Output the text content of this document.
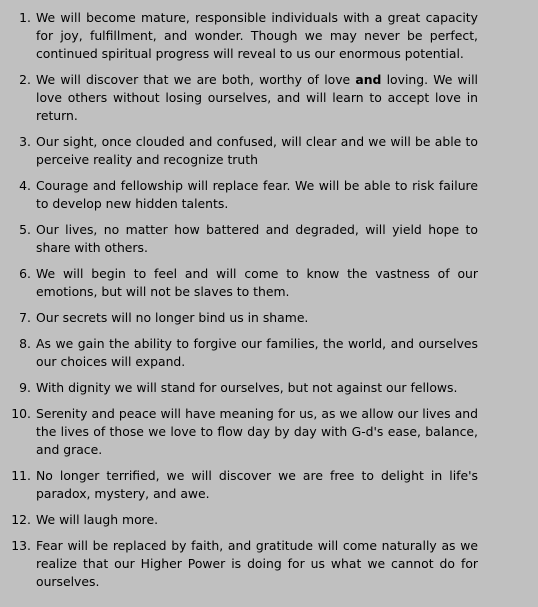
1. We will become mature, responsible individuals with a great capacity for joy, fulfillment, and wonder. Though we may never be perfect, continued spiritual progress will reveal to us our enormous potential.
2. We will discover that we are both, worthy of love and loving. We will love others without losing ourselves, and will learn to accept love in return.
3. Our sight, once clouded and confused, will clear and we will be able to perceive reality and recognize truth
4. Courage and fellowship will replace fear. We will be able to risk failure to develop new hidden talents.
5. Our lives, no matter how battered and degraded, will yield hope to share with others.
6. We will begin to feel and will come to know the vastness of our emotions, but will not be slaves to them.
7. Our secrets will no longer bind us in shame.
8. As we gain the ability to forgive our families, the world, and ourselves our choices will expand.
9. With dignity we will stand for ourselves, but not against our fellows.
10. Serenity and peace will have meaning for us, as we allow our lives and the lives of those we love to flow day by day with G-d's ease, balance, and grace.
11. No longer terrified, we will discover we are free to delight in life's paradox, mystery, and awe.
12. We will laugh more.
13. Fear will be replaced by faith, and gratitude will come naturally as we realize that our Higher Power is doing for us what we cannot do for ourselves.
